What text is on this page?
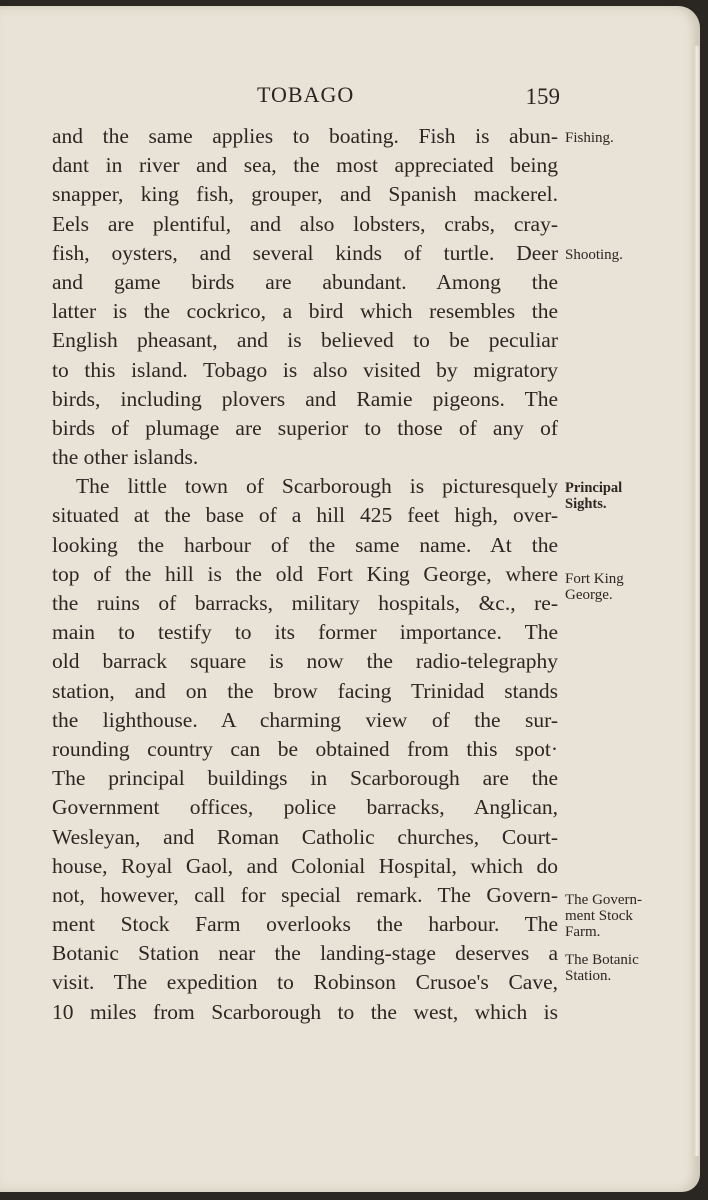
TOBAGO	159
and the same applies to boating. Fish is abun-
dant in river and sea, the most appreciated being
snapper, king fish, grouper, and Spanish mackerel.
Eels are plentiful, and also lobsters, crabs, cray-
fish, oysters, and several kinds of turtle. Deer
and game birds are abundant. Among the
latter is the cockrico, a bird which resembles the
English pheasant, and is believed to be peculiar
to this island. Tobago is also visited by migratory
birds, including plovers and Ramie pigeons. The
birds of plumage are superior to those of any of
the other islands.
The little town of Scarborough is picturesquely
situated at the base of a hill 425 feet high, over-
looking the harbour of the same name. At the
top of the hill is the old Fort King George, where
the ruins of barracks, military hospitals, &c., re-
main to testify to its former importance. The
old barrack square is now the radio-telegraphy
station, and on the brow facing Trinidad stands
the lighthouse. A charming view of the sur-
rounding country can be obtained from this spot·
The principal buildings in Scarborough are the
Government offices, police barracks, Anglican,
Wesleyan, and Roman Catholic churches, Court-
house, Royal Gaol, and Colonial Hospital, which do
not, however, call for special remark. The Govern-
ment Stock Farm overlooks the harbour. The
Botanic Station near the landing-stage deserves a
visit. The expedition to Robinson Crusoe's Cave,
10 miles from Scarborough to the west, which is
Fishing.
Shooting.
Principal
Sights.
Fort King
George.
The Govern-
ment Stock
Farm.
The Botanic
Station.
